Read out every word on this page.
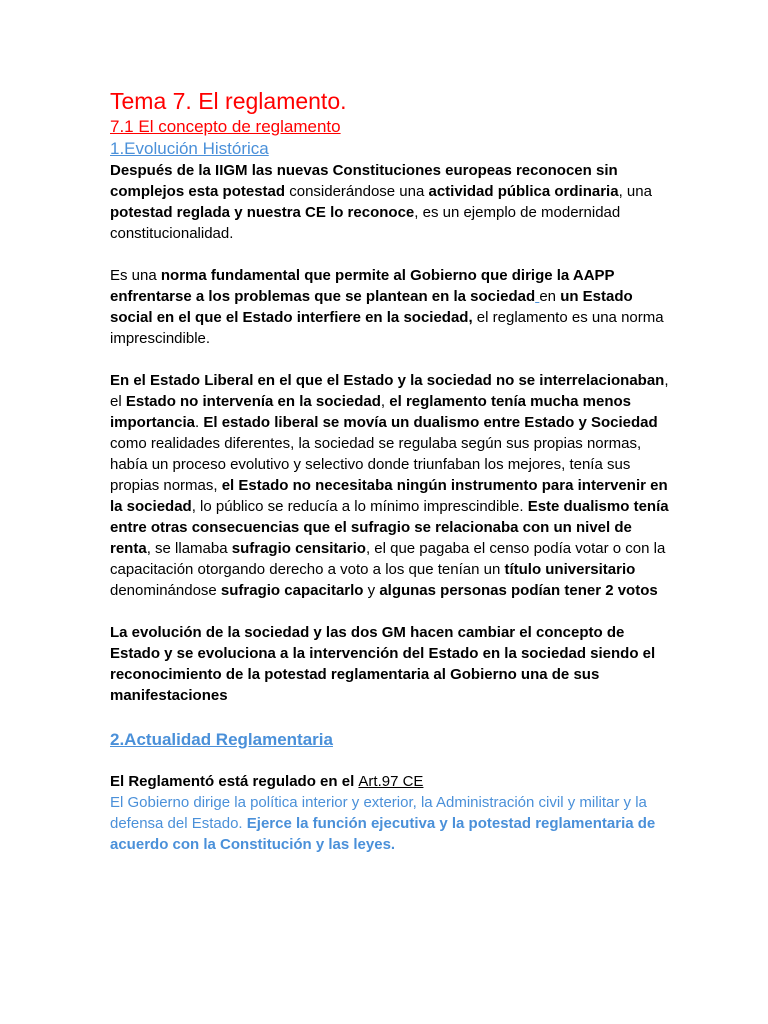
Tema 7. El reglamento.
7.1 El concepto de reglamento
1.Evolución Histórica

Después de la IIGM las nuevas Constituciones europeas reconocen sin complejos esta potestad considerándose una actividad pública ordinaria, una potestad reglada y nuestra CE lo reconoce, es un ejemplo de modernidad constitucionalidad.

Es una norma fundamental que permite al Gobierno que dirige la AAPP enfrentarse a los problemas que se plantean en la sociedad en un Estado social en el que el Estado interfiere en la sociedad, el reglamento es una norma imprescindible.

En el Estado Liberal en el que el Estado y la sociedad no se interrelacionaban, el Estado no intervenía en la sociedad, el reglamento tenía mucha menos importancia. El estado liberal se movía un dualismo entre Estado y Sociedad como realidades diferentes, la sociedad se regulaba según sus propias normas, había un proceso evolutivo y selectivo donde triunfaban los mejores, tenía sus propias normas, el Estado no necesitaba ningún instrumento para intervenir en la sociedad, lo público se reducía a lo mínimo imprescindible. Este dualismo tenía entre otras consecuencias que el sufragio se relacionaba con un nivel de renta, se llamaba sufragio censitario, el que pagaba el censo podía votar o con la capacitación otorgando derecho a voto a los que tenían un título universitario denominándose sufragio capacitarlo y algunas personas podían tener 2 votos

La evolución de la sociedad y las dos GM hacen cambiar el concepto de Estado y se evoluciona a la intervención del Estado en la sociedad siendo el reconocimiento de la potestad reglamentaria al Gobierno una de sus manifestaciones

2.Actualidad Reglamentaria

El Reglamentó está regulado en el Art.97 CE

El Gobierno dirige la política interior y exterior, la Administración civil y militar y la defensa del Estado. Ejerce la función ejecutiva y la potestad reglamentaria de acuerdo con la Constitución y las leyes.
